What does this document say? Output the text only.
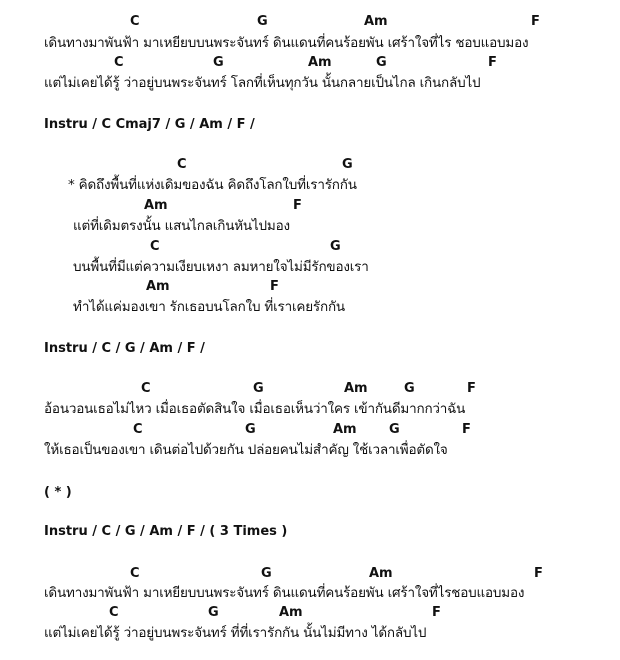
C	G	Am	F
เดินทางมาพันฟ้า มาเหยียบบนพระจันทร์ ดินแดนที่คนร้อยพัน เศร้าใจที่ไร ชอบแอบมอง
C	G	Am	G	F
แต่ไม่เคยได้รู้ ว่าอยู่บนพระจันทร์ โลกที่เห็นทุกวัน นั้นกลายเป็นไกล เกินกลับไป
Instru / C Cmaj7 / G / Am / F /
C	G
* คิดถึงพื้นที่แห่งเดิมของฉัน คิดถึงโลกใบที่เรารักกัน
Am	F
แต่ที่เดิมตรงนั้น แสนไกลเกินหันไปมอง
C	G
บนพื้นที่มีแต่ความเงียบเหงา ลมหายใจไม่มีรักของเรา
Am	F
ทำได้แค่มองเขา รักเธอบนโลกใบ ที่เราเคยรักกัน
Instru / C / G / Am / F /
C	G	Am	G	F
อ้อนวอนเธอไม่ไหว เมื่อเธอตัดสินใจ เมื่อเธอเห็นว่าใคร เข้ากันดีมากกว่าฉัน
C	G	Am G	F
ให้เธอเป็นของเขา เดินต่อไปด้วยกัน ปล่อยคนไม่สำคัญ ใช้เวลาเพื่อตัดใจ
( * )
Instru / C / G / Am / F / ( 3 Times )
C	G	Am	F
เดินทางมาพันฟ้า มาเหยียบบนพระจันทร์ ดินแดนที่คนร้อยพัน เศร้าใจที่ไรชอบแอบมอง
C	G	Am	F
แต่ไม่เคยได้รู้ ว่าอยู่บนพระจันทร์ ที่ที่เรารักกัน นั้นไม่มีทาง ได้กลับไป
